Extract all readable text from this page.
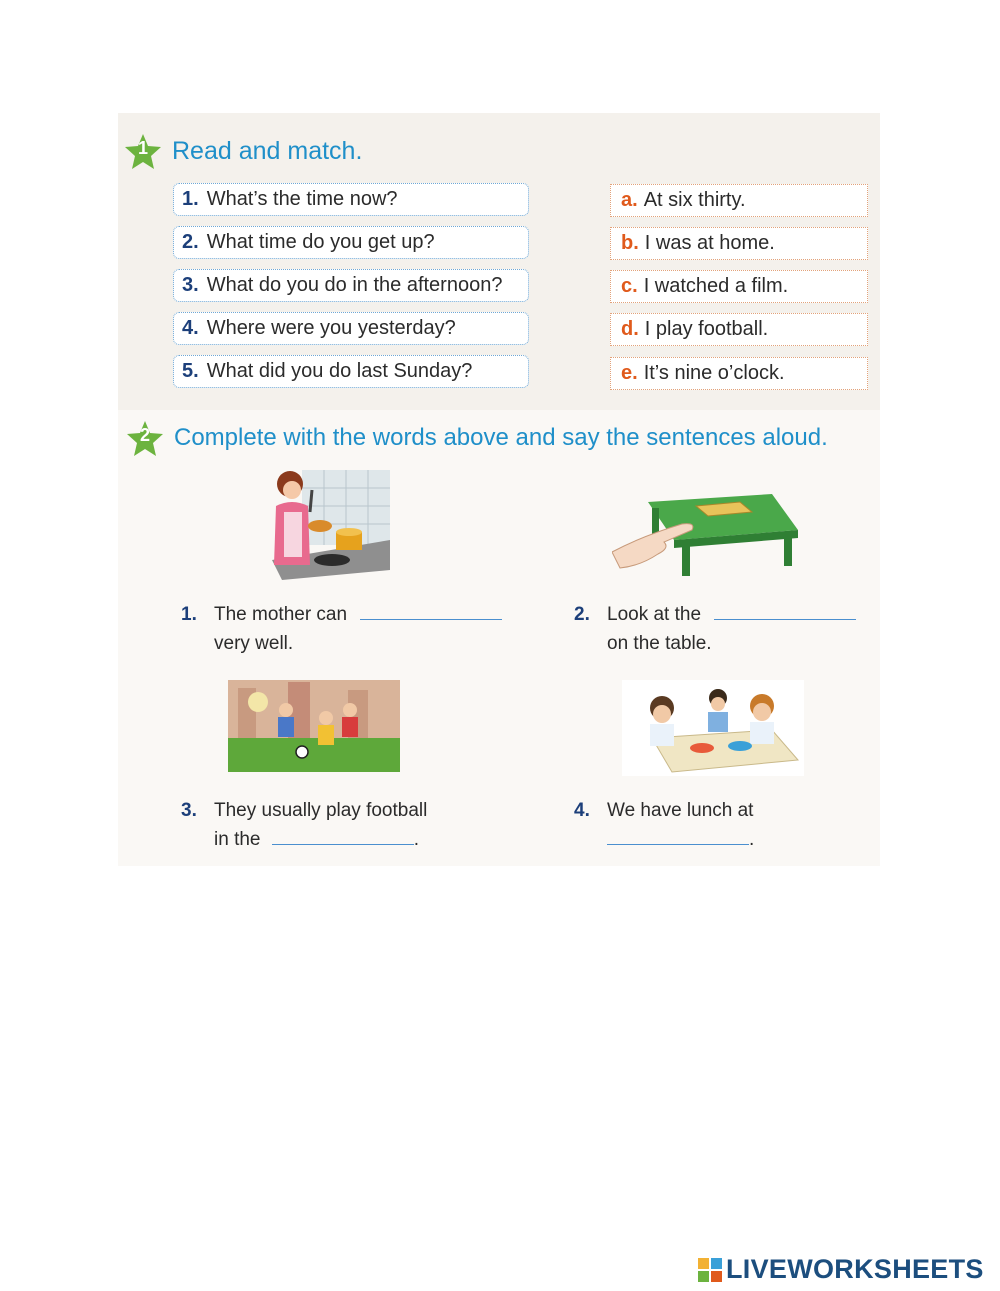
1 Read and match.
1. What’s the time now?
2. What time do you get up?
3. What do you do in the afternoon?
4. Where were you yesterday?
5. What did you do last Sunday?
a. At six thirty.
b. I was at home.
c. I watched a film.
d. I play football.
e. It’s nine o’clock.
2	Complete with the words above and say the sentences aloud.
1. The mother can
very well.
2. Look at the
on the table.
3. They usually play football
in the	.
4. We have lunch at
.
LIVEWORKSHEETS
